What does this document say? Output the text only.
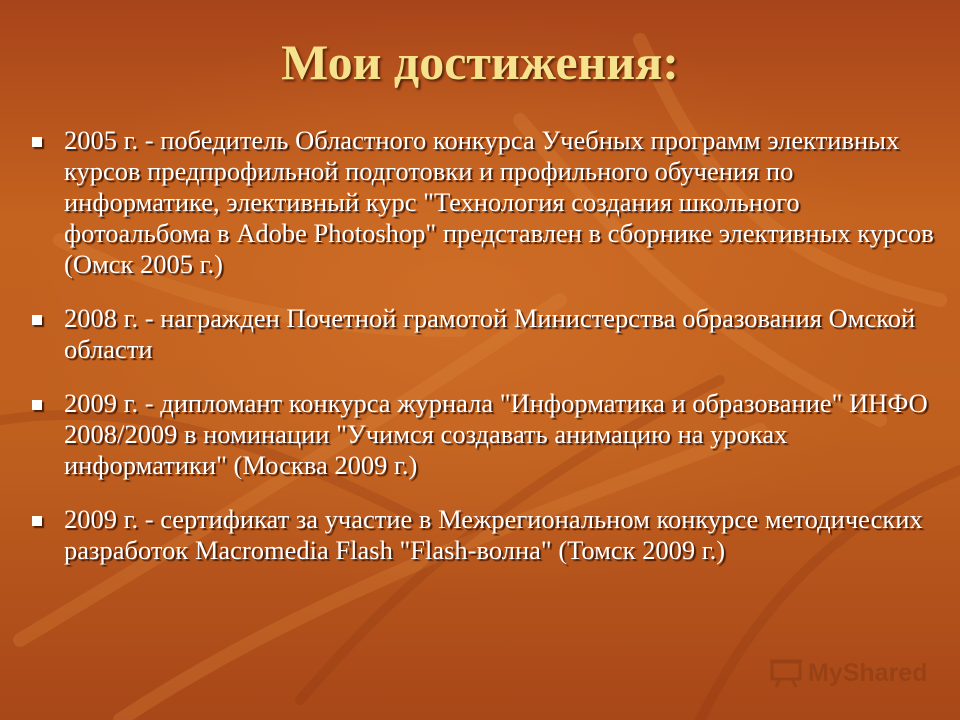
Мои достижения:
2005 г. - победитель Областного конкурса Учебных программ элективных курсов предпрофильной подготовки и профильного обучения по информатике, элективный курс "Технология создания школьного фотоальбома в Adobe Photoshop" представлен в сборнике элективных курсов (Омск 2005 г.)
2008 г. - награжден Почетной грамотой Министерства образования Омской области
2009 г. - дипломант конкурса журнала "Информатика и образование" ИНФО 2008/2009 в номинации "Учимся создавать анимацию на уроках информатики" (Москва 2009 г.)
2009 г. - сертификат за участие в Межрегиональном конкурсе методических разработок Macromedia Flash "Flash-волна" (Томск 2009 г.)
MyShared
